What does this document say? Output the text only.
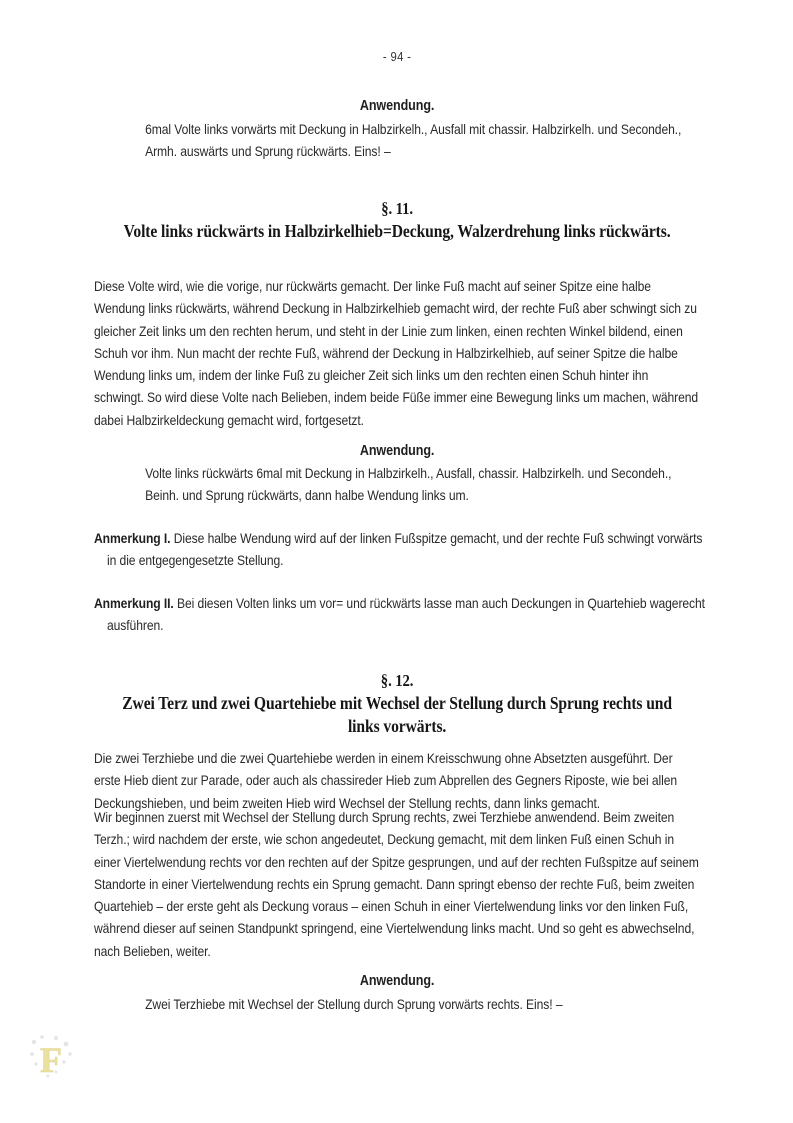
- 94 -
Anwendung.
6mal Volte links vorwärts mit Deckung in Halbzirkelh., Ausfall mit chassir. Halbzirkelh. und Secondeh., Armh. auswärts und Sprung rückwärts. Eins! –
§. 11.
Volte links rückwärts in Halbzirkelhieb=Deckung, Walzerdrehung links rückwärts.
Diese Volte wird, wie die vorige, nur rückwärts gemacht. Der linke Fuß macht auf seiner Spitze eine halbe Wendung links rückwärts, während Deckung in Halbzirkelhieb gemacht wird, der rechte Fuß aber schwingt sich zu gleicher Zeit links um den rechten herum, und steht in der Linie zum linken, einen rechten Winkel bildend, einen Schuh vor ihm. Nun macht der rechte Fuß, während der Deckung in Halbzirkelhieb, auf seiner Spitze die halbe Wendung links um, indem der linke Fuß zu gleicher Zeit sich links um den rechten einen Schuh hinter ihn schwingt. So wird diese Volte nach Belieben, indem beide Füße immer eine Bewegung links um machen, während dabei Halbzirkeldeckung gemacht wird, fortgesetzt.
Anwendung.
Volte links rückwärts 6mal mit Deckung in Halbzirkelh., Ausfall, chassir. Halbzirkelh. und Secondeh., Beinh. und Sprung rückwärts, dann halbe Wendung links um.
Anmerkung I. Diese halbe Wendung wird auf der linken Fußspitze gemacht, und der rechte Fuß schwingt vorwärts in die entgegengesetzte Stellung.
Anmerkung II. Bei diesen Volten links um vor= und rückwärts lasse man auch Deckungen in Quartehieb wagerecht ausführen.
§. 12.
Zwei Terz und zwei Quartehiebe mit Wechsel der Stellung durch Sprung rechts und links vorwärts.
Die zwei Terzhiebe und die zwei Quartehiebe werden in einem Kreisschwung ohne Absetzten ausgeführt. Der erste Hieb dient zur Parade, oder auch als chassireder Hieb zum Abprellen des Gegners Riposte, wie bei allen Deckungshieben, und beim zweiten Hieb wird Wechsel der Stellung rechts, dann links gemacht.
Wir beginnen zuerst mit Wechsel der Stellung durch Sprung rechts, zwei Terzhiebe anwendend. Beim zweiten Terzh.; wird nachdem der erste, wie schon angedeutet, Deckung gemacht, mit dem linken Fuß einen Schuh in einer Viertelwendung rechts vor den rechten auf der Spitze gesprungen, und auf der rechten Fußspitze auf seinem Standorte in einer Viertelwendung rechts ein Sprung gemacht. Dann springt ebenso der rechte Fuß, beim zweiten Quartehieb – der erste geht als Deckung voraus – einen Schuh in einer Viertelwendung links vor den linken Fuß, während dieser auf seinen Standpunkt springend, eine Viertelwendung links macht. Und so geht es abwechselnd, nach Belieben, weiter.
Anwendung.
Zwei Terzhiebe mit Wechsel der Stellung durch Sprung vorwärts rechts. Eins! –
F
